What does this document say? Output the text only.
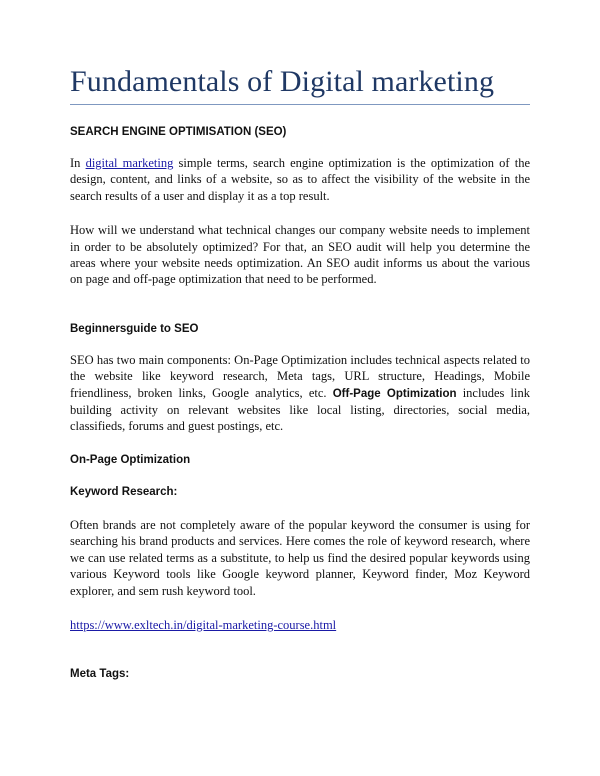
Fundamentals of Digital marketing
SEARCH ENGINE OPTIMISATION (SEO)

In digital marketing simple terms, search engine optimization is the optimization of the design, content, and links of a website, so as to affect the visibility of the website in the search results of a user and display it as a top result.

How will we understand what technical changes our company website needs to implement in order to be absolutely optimized? For that, an SEO audit will help you determine the areas where your website needs optimization. An SEO audit informs us about the various on page and off-page optimization that need to be performed.

Beginnersguide to SEO

SEO has two main components: On-Page Optimization includes technical aspects related to the website like keyword research, Meta tags, URL structure, Headings, Mobile friendliness, broken links, Google analytics, etc. Off-Page Optimization includes link building activity on relevant websites like local listing, directories, social media, classifieds, forums and guest postings, etc.

On-Page Optimization
Keyword Research:

Often brands are not completely aware of the popular keyword the consumer is using for searching his brand products and services. Here comes the role of keyword research, where we can use related terms as a substitute, to help us find the desired popular keywords using various Keyword tools like Google keyword planner, Keyword finder, Moz Keyword explorer, and sem rush keyword tool.

https://www.exltech.in/digital-marketing-course.html

Meta Tags:
